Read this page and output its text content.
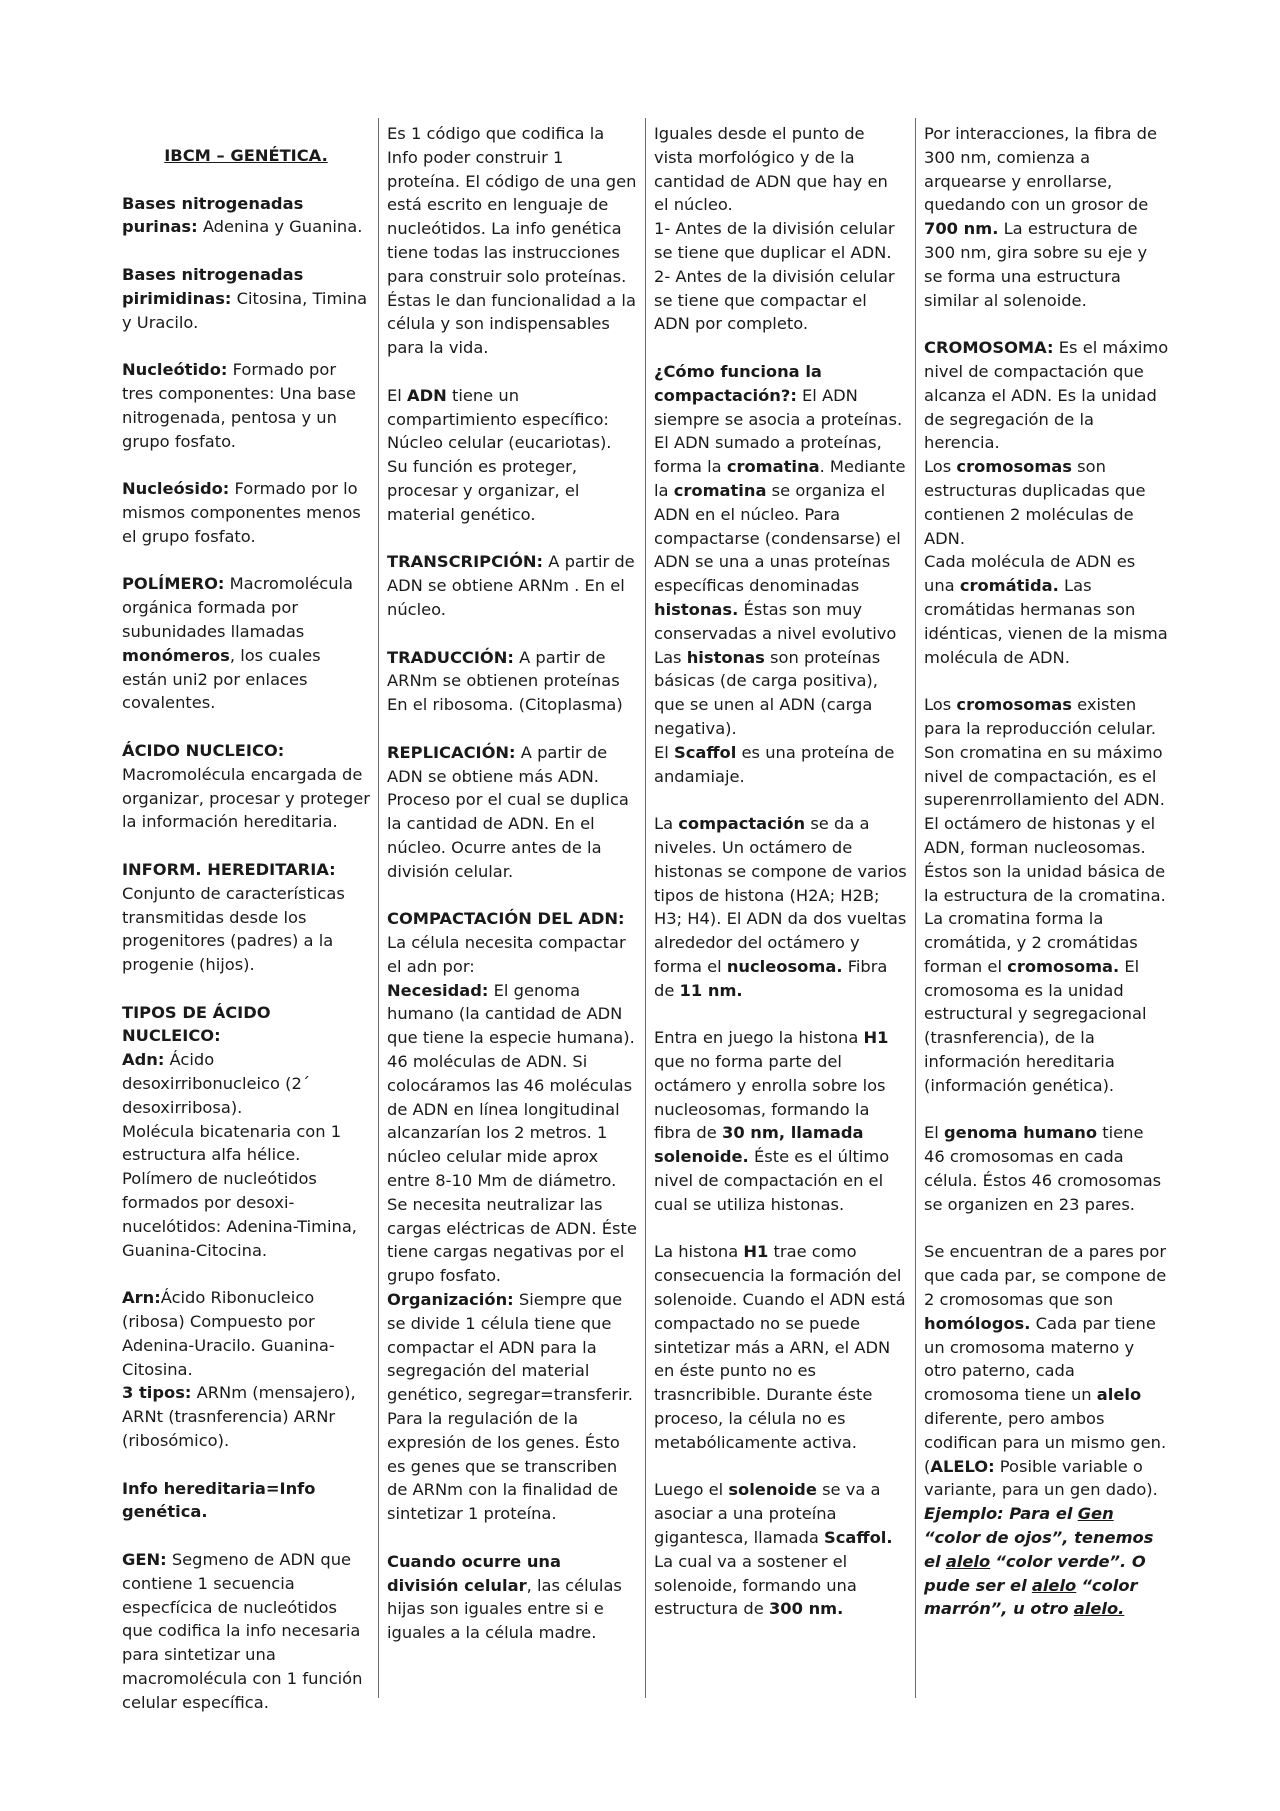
IBCM – GENÉTICA.
Bases nitrogenadas purinas: Adenina y Guanina.
Bases nitrogenadas pirimidinas: Citosina, Timina y Uracilo.
Nucleótido: Formado por tres componentes: Una base nitrogenada, pentosa y un grupo fosfato.
Nucleósido: Formado por lo mismos componentes menos el grupo fosfato.
POLÍMERO: Macromolécula orgánica formada por subunidades llamadas monómeros, los cuales están uni2 por enlaces covalentes.
ÁCIDO NUCLEICO:
Macromolécula encargada de organizar, procesar y proteger la información hereditaria.
INFORM. HEREDITARIA:
Conjunto de características transmitidas desde los progenitores (padres) a la progenie (hijos).
TIPOS DE ÁCIDO NUCLEICO:
Adn: Ácido desoxirribonucleico (2´ desoxirribosa).
Molécula bicatenaria con 1 estructura alfa hélice.
Polímero de nucleótidos formados por desoxi-nucelótidos: Adenina-Timina, Guanina-Citocina.
Arn:Ácido Ribonucleico (ribosa) Compuesto por Adenina-Uracilo. Guanina-Citosina.
3 tipos: ARNm (mensajero), ARNt (trasnferencia) ARNr (ribosómico).
Info hereditaria=Info genética.
GEN: Segmeno de ADN que contiene 1 secuencia especfícica de nucleótidos que codifica la info necesaria para sintetizar una macromolécula con 1 función celular específica.
Es 1 código que codifica la Info poder construir 1 proteína. El código de una gen está escrito en lenguaje de nucleótidos. La info genética tiene todas las instrucciones para construir solo proteínas. Éstas le dan funcionalidad a la célula y son indispensables para la vida.
El ADN tiene un compartimiento específico: Núcleo celular (eucariotas). Su función es proteger, procesar y organizar, el material genético.
TRANSCRIPCIÓN: A partir de ADN se obtiene ARNm . En el núcleo.
TRADUCCIÓN: A partir de ARNm se obtienen proteínas En el ribosoma. (Citoplasma)
REPLICACIÓN: A partir de ADN se obtiene más ADN. Proceso por el cual se duplica la cantidad de ADN. En el núcleo. Ocurre antes de la división celular.
COMPACTACIÓN DEL ADN:
La célula necesita compactar el adn por:
Necesidad: El genoma humano (la cantidad de ADN que tiene la especie humana). 46 moléculas de ADN. Si colocáramos las 46 moléculas de ADN en línea longitudinal alcanzarían los 2 metros. 1 núcleo celular mide aprox entre 8-10 Mm de diámetro. Se necesita neutralizar las cargas eléctricas de ADN. Éste tiene cargas negativas por el grupo fosfato.
Organización: Siempre que se divide 1 célula tiene que compactar el ADN para la segregación del material genético, segregar=transferir. Para la regulación de la expresión de los genes. Ésto es genes que se transcriben de ARNm con la finalidad de sintetizar 1 proteína.
Cuando ocurre una división celular, las células hijas son iguales entre si e iguales a la célula madre.
Iguales desde el punto de vista morfológico y de la cantidad de ADN que hay en el núcleo.
1- Antes de la división celular se tiene que duplicar el ADN.
2- Antes de la división celular se tiene que compactar el ADN por completo.
¿Cómo funciona la compactación?: El ADN siempre se asocia a proteínas. El ADN sumado a proteínas, forma la cromatina. Mediante la cromatina se organiza el ADN en el núcleo. Para compactarse (condensarse) el ADN se una a unas proteínas específicas denominadas histonas. Éstas son muy conservadas a nivel evolutivo
Las histonas son proteínas básicas (de carga positiva), que se unen al ADN (carga negativa).
El Scaffol es una proteína de andamiaje.
La compactación se da a niveles. Un octámero de histonas se compone de varios tipos de histona (H2A; H2B; H3; H4). El ADN da dos vueltas alrededor del octámero y forma el nucleosoma. Fibra de 11 nm.
Entra en juego la histona H1 que no forma parte del octámero y enrolla sobre los nucleosomas, formando la fibra de 30 nm, llamada solenoide. Éste es el último nivel de compactación en el cual se utiliza histonas.
La histona H1 trae como consecuencia la formación del solenoide. Cuando el ADN está compactado no se puede sintetizar más a ARN, el ADN en éste punto no es trasncribible. Durante éste proceso, la célula no es metabólicamente activa.
Luego el solenoide se va a asociar a una proteína gigantesca, llamada Scaffol. La cual va a sostener el solenoide, formando una estructura de 300 nm.
Por interacciones, la fibra de 300 nm, comienza a arquearse y enrollarse, quedando con un grosor de 700 nm. La estructura de 300 nm, gira sobre su eje y se forma una estructura similar al solenoide.
CROMOSOMA: Es el máximo nivel de compactación que alcanza el ADN. Es la unidad de segregación de la herencia.
Los cromosomas son estructuras duplicadas que contienen 2 moléculas de ADN.
Cada molécula de ADN es una cromátida. Las cromátidas hermanas son idénticas, vienen de la misma molécula de ADN.
Los cromosomas existen para la reproducción celular. Son cromatina en su máximo nivel de compactación, es el superenrrollamiento del ADN.
El octámero de histonas y el ADN, forman nucleosomas. Éstos son la unidad básica de la estructura de la cromatina. La cromatina forma la cromátida, y 2 cromátidas forman el cromosoma. El cromosoma es la unidad estructural y segregacional (trasnferencia), de la información hereditaria (información genética).
El genoma humano tiene 46 cromosomas en cada célula. Éstos 46 cromosomas se organizen en 23 pares.
Se encuentran de a pares por que cada par, se compone de 2 cromosomas que son homólogos. Cada par tiene un cromosoma materno y otro paterno, cada cromosoma tiene un alelo diferente, pero ambos codifican para un mismo gen. (ALELO: Posible variable o variante, para un gen dado). Ejemplo: Para el Gen “color de ojos”, tenemos el alelo “color verde”. O pude ser el alelo “color marrón”, u otro alelo.
